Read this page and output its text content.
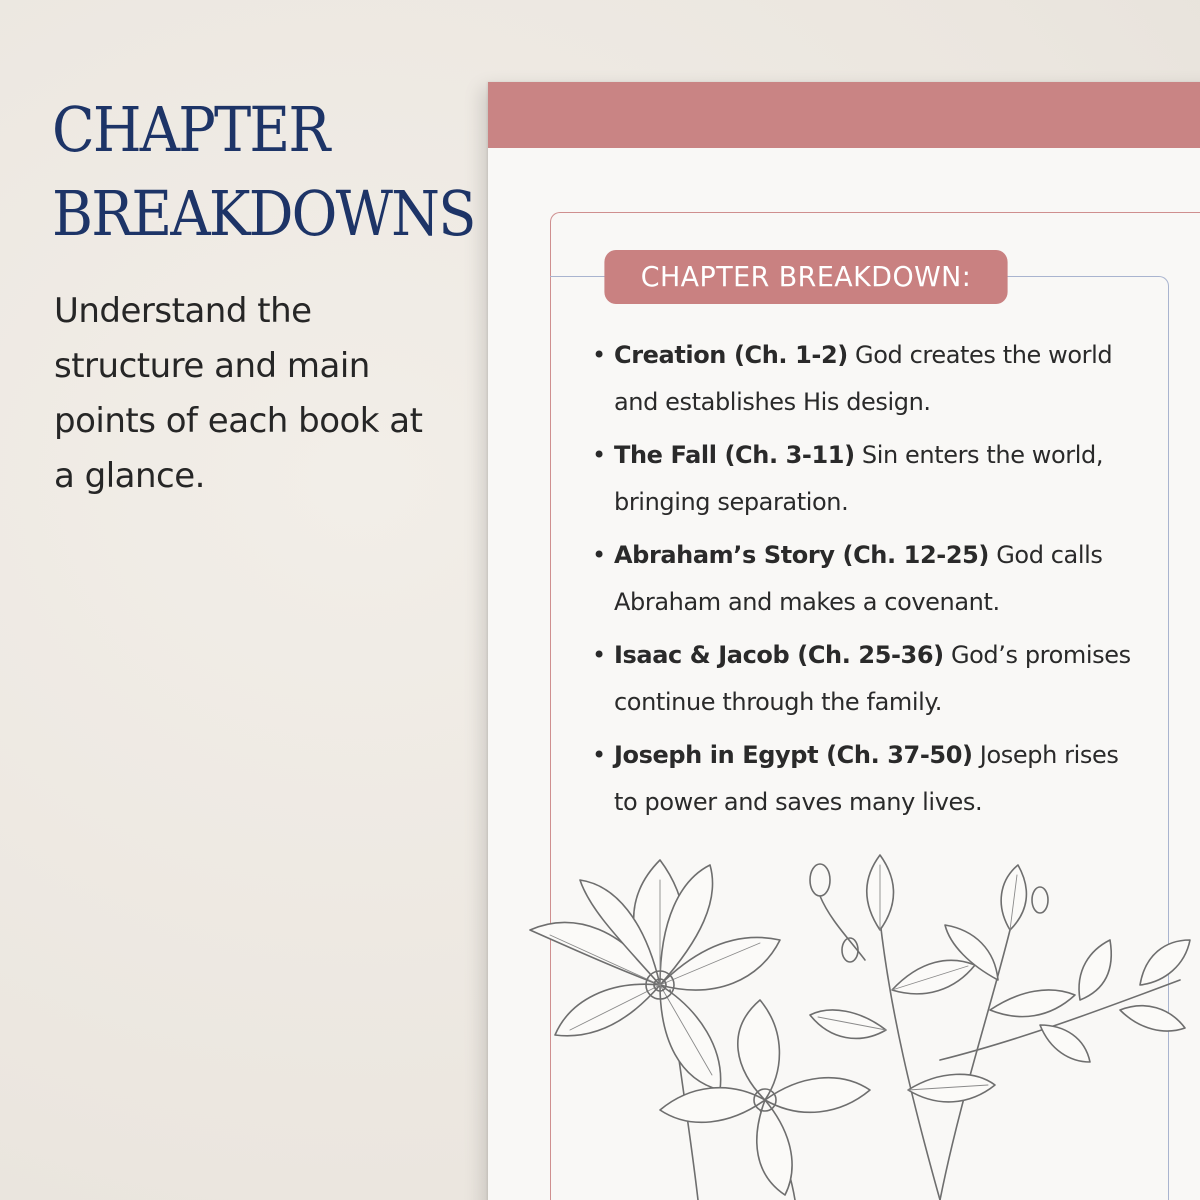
CHAPTER
BREAKDOWNS

Understand the structure and main points of each book at a glance.

CHAPTER BREAKDOWN:
• Creation (Ch. 1-2) God creates the world and establishes His design.
• The Fall (Ch. 3-11) Sin enters the world, bringing separation.
• Abraham’s Story (Ch. 12-25) God calls Abraham and makes a covenant.
• Isaac & Jacob (Ch. 25-36) God’s promises continue through the family.
• Joseph in Egypt (Ch. 37-50) Joseph rises to power and saves many lives.
